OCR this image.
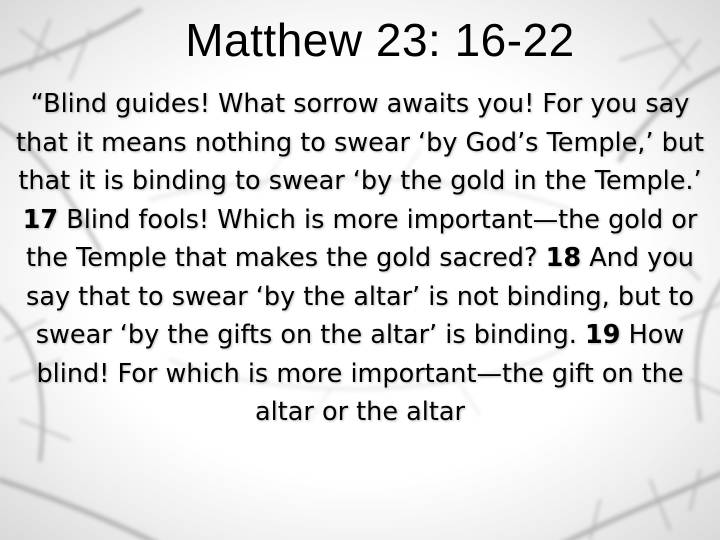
Matthew 23: 16-22
“Blind guides! What sorrow awaits you! For you say that it means nothing to swear ‘by God’s Temple,’ but that it is binding to swear ‘by the gold in the Temple.’ 17 Blind fools! Which is more important—the gold or the Temple that makes the gold sacred? 18 And you say that to swear ‘by the altar’ is not binding, but to swear ‘by the gifts on the altar’ is binding. 19 How blind! For which is more important—the gift on the altar or the altar
